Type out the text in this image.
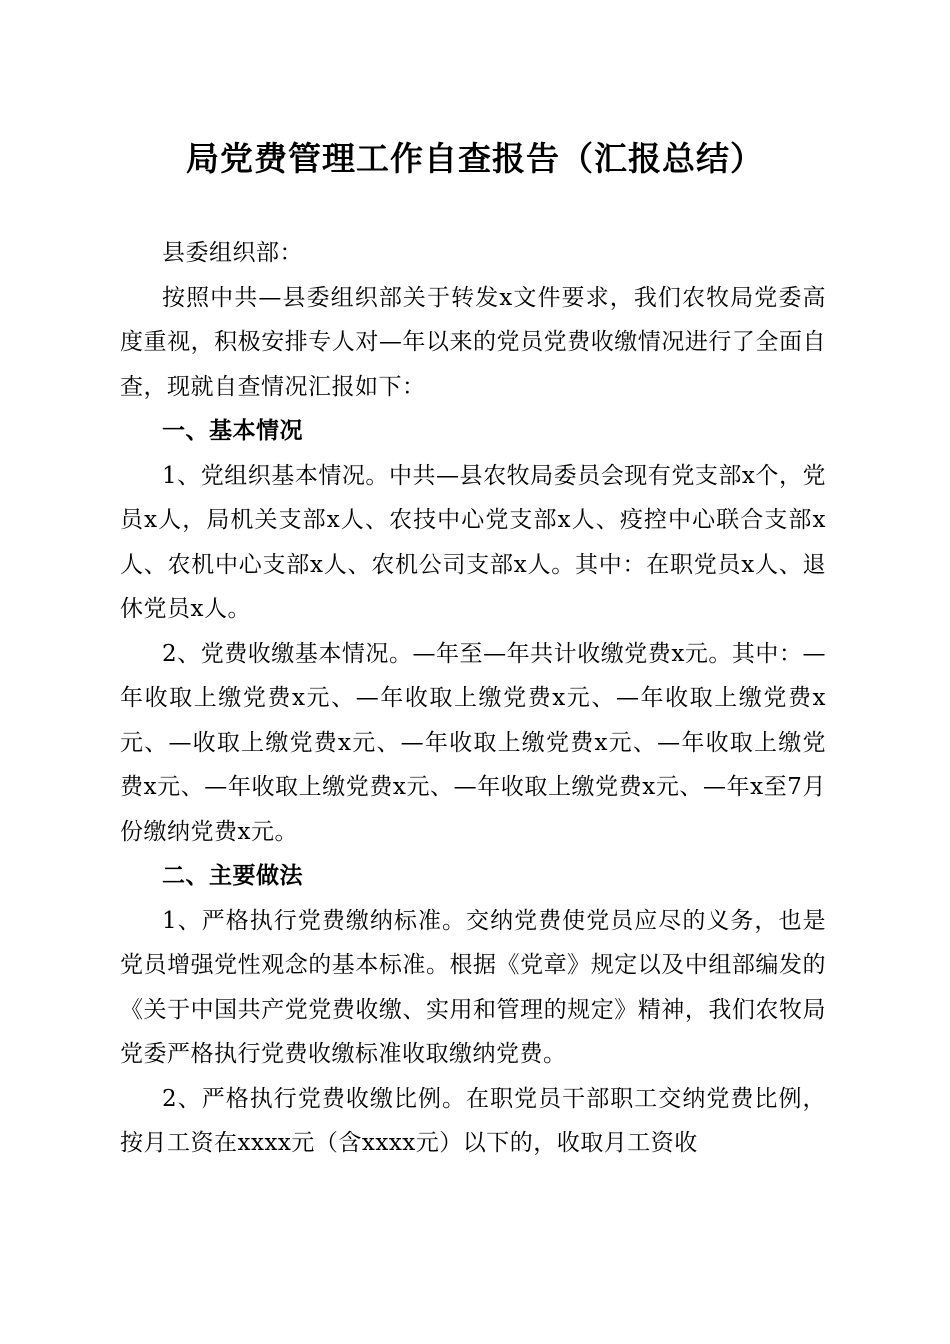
局党费管理工作自查报告（汇报总结）

县委组织部：

按照中共—县委组织部关于转发x文件要求，我们农牧局党委高度重视，积极安排专人对—年以来的党员党费收缴情况进行了全面自查，现就自查情况汇报如下：

一、基本情况

1、党组织基本情况。中共—县农牧局委员会现有党支部x个，党员x人，局机关支部x人、农技中心党支部x人、疫控中心联合支部x人、农机中心支部x人、农机公司支部x人。其中：在职党员x人、退休党员x人。

2、党费收缴基本情况。—年至—年共计收缴党费x元。其中：—年收取上缴党费x元、—年收取上缴党费x元、—年收取上缴党费x元、—收取上缴党费x元、—年收取上缴党费x元、—年收取上缴党费x元、—年收取上缴党费x元、—年收取上缴党费x元、—年x至7月份缴纳党费x元。

二、主要做法

1、严格执行党费缴纳标准。交纳党费使党员应尽的义务，也是党员增强党性观念的基本标准。根据《党章》规定以及中组部编发的《关于中国共产党党费收缴、实用和管理的规定》精神，我们农牧局党委严格执行党费收缴标准收取缴纳党费。

2、严格执行党费收缴比例。在职党员干部职工交纳党费比例，按月工资在xxxx元（含xxxx元）以下的，收取月工资收
